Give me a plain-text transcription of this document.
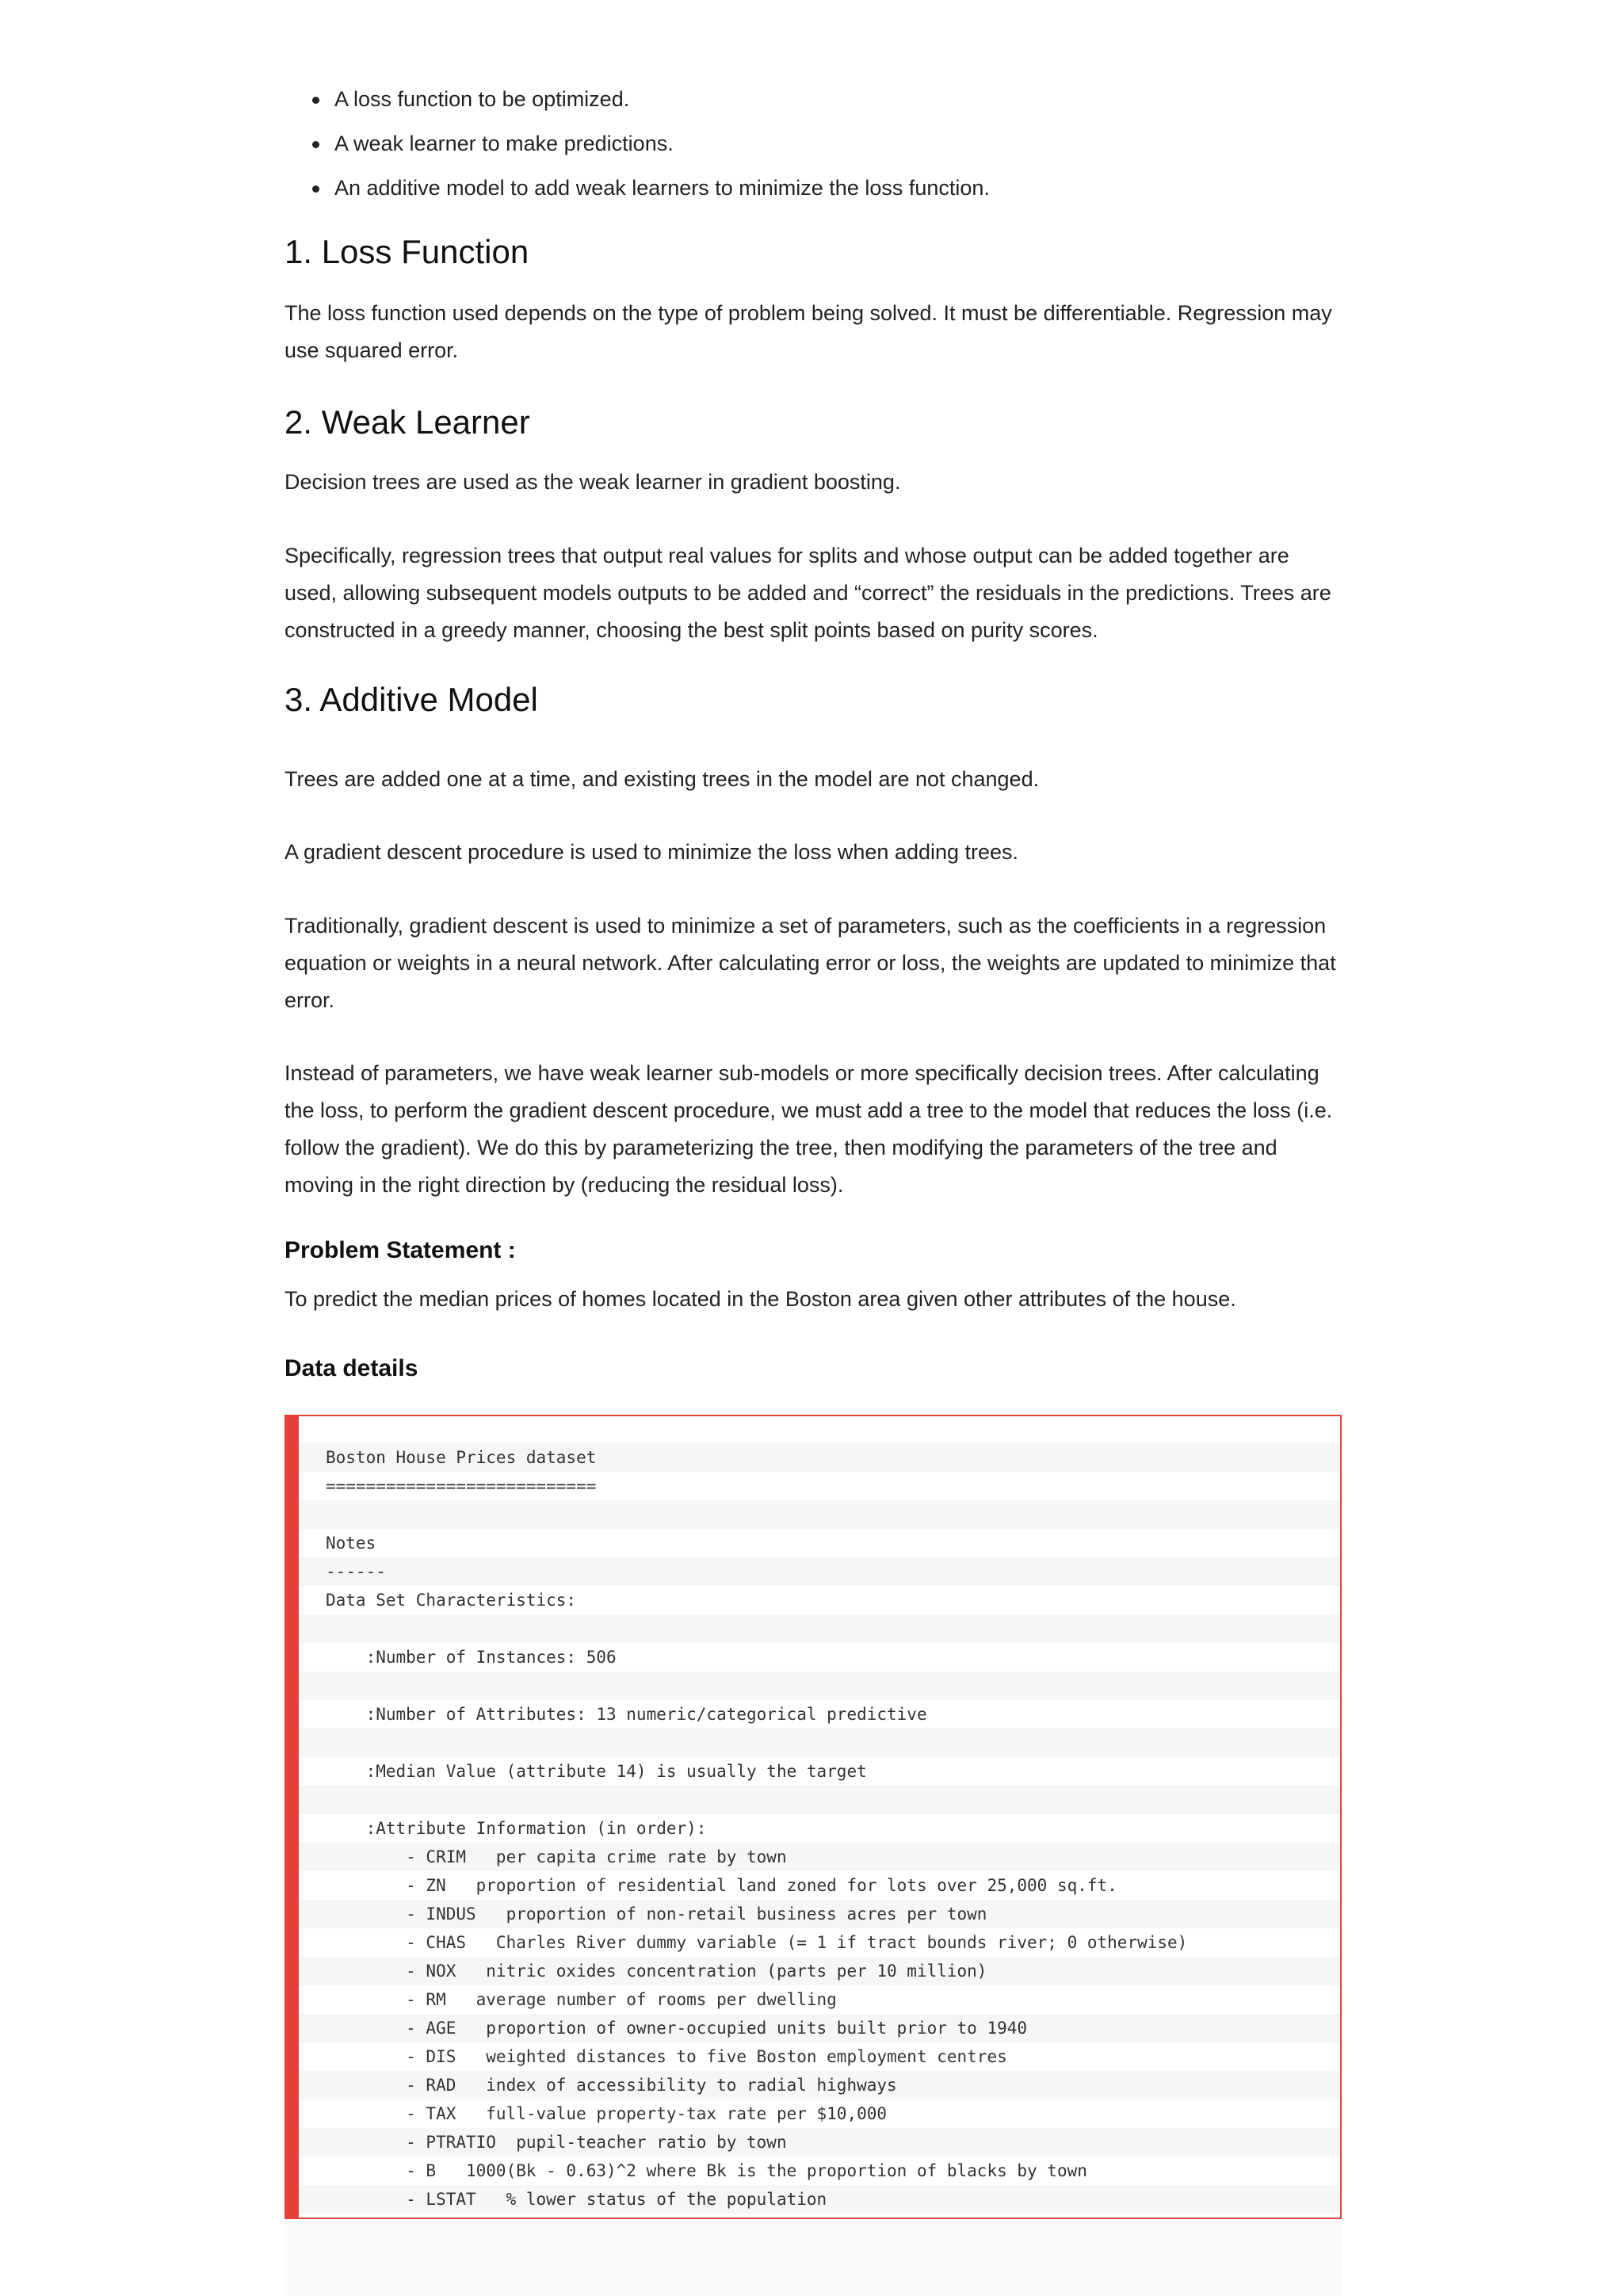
A loss function to be optimized.
A weak learner to make predictions.
An additive model to add weak learners to minimize the loss function.
1. Loss Function

The loss function used depends on the type of problem being solved. It must be differentiable. Regression may use squared error.

2. Weak Learner

Decision trees are used as the weak learner in gradient boosting.

Specifically, regression trees that output real values for splits and whose output can be added together are used, allowing subsequent models outputs to be added and “correct” the residuals in the predictions. Trees are constructed in a greedy manner, choosing the best split points based on purity scores.

3. Additive Model

Trees are added one at a time, and existing trees in the model are not changed.

A gradient descent procedure is used to minimize the loss when adding trees.

Traditionally, gradient descent is used to minimize a set of parameters, such as the coefficients in a regression equation or weights in a neural network. After calculating error or loss, the weights are updated to minimize that error.

Instead of parameters, we have weak learner sub-models or more specifically decision trees. After calculating the loss, to perform the gradient descent procedure, we must add a tree to the model that reduces the loss (i.e. follow the gradient). We do this by parameterizing the tree, then modifying the parameters of the tree and moving in the right direction by (reducing the residual loss).

Problem Statement :

To predict the median prices of homes located in the Boston area given other attributes of the house.

Data details
Boston House Prices dataset
===========================
Notes
------
Data Set Characteristics:
:Number of Instances: 506
:Number of Attributes: 13 numeric/categorical predictive
:Median Value (attribute 14) is usually the target
:Attribute Information (in order):
- CRIM   per capita crime rate by town
- ZN   proportion of residential land zoned for lots over 25,000 sq.ft.
- INDUS   proportion of non-retail business acres per town
- CHAS   Charles River dummy variable (= 1 if tract bounds river; 0 otherwise)
- NOX   nitric oxides concentration (parts per 10 million)
- RM   average number of rooms per dwelling
- AGE   proportion of owner-occupied units built prior to 1940
- DIS   weighted distances to five Boston employment centres
- RAD   index of accessibility to radial highways
- TAX   full-value property-tax rate per $10,000
- PTRATIO  pupil-teacher ratio by town
- B   1000(Bk - 0.63)^2 where Bk is the proportion of blacks by town
- LSTAT   % lower status of the population
